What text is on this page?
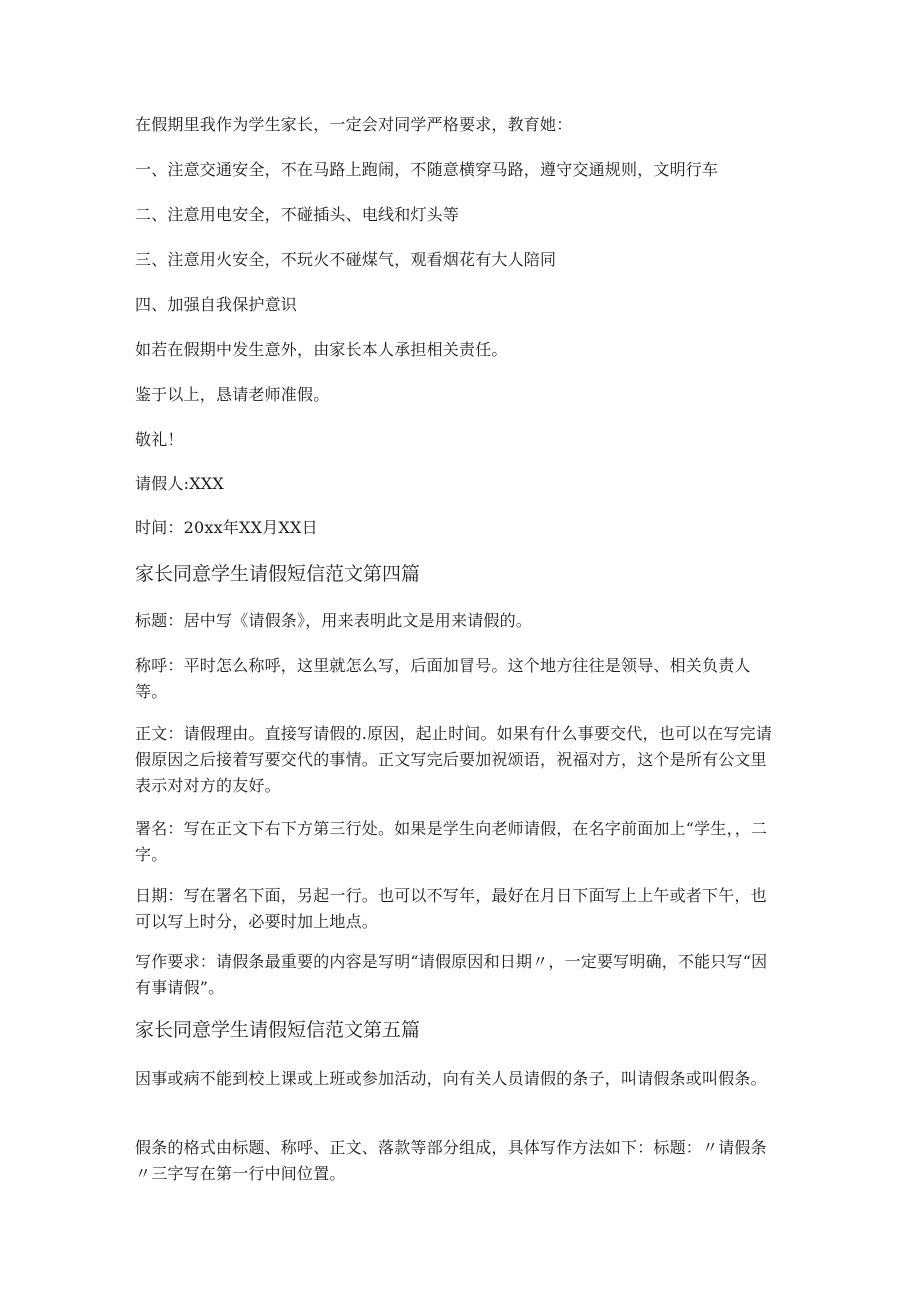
在假期里我作为学生家长，一定会对同学严格要求，教育她：

一、注意交通安全，不在马路上跑闹，不随意横穿马路，遵守交通规则，文明行车

二、注意用电安全，不碰插头、电线和灯头等

三、注意用火安全，不玩火不碰煤气，观看烟花有大人陪同

四、加强自我保护意识

如若在假期中发生意外，由家长本人承担相关责任。

鉴于以上，恳请老师准假。

敬礼！

请假人:XXX

时间：20xx年XX月XX日

家长同意学生请假短信范文第四篇

标题：居中写《请假条》，用来表明此文是用来请假的。

称呼：平时怎么称呼，这里就怎么写，后面加冒号。这个地方往往是领导、相关负责人等。

正文：请假理由。直接写请假的.原因，起止时间。如果有什么事要交代，也可以在写完请假原因之后接着写要交代的事情。正文写完后要加祝颂语，祝福对方，这个是所有公文里表示对对方的友好。

署名：写在正文下右下方第三行处。如果是学生向老师请假，在名字前面加上“学生，，二字。

日期：写在署名下面，另起一行。也可以不写年，最好在月日下面写上上午或者下午，也可以写上时分，必要时加上地点。

写作要求：请假条最重要的内容是写明“请假原因和日期〃，一定要写明确，不能只写“因有事请假”。

家长同意学生请假短信范文第五篇

因事或病不能到校上课或上班或参加活动，向有关人员请假的条子，叫请假条或叫假条。

假条的格式由标题、称呼、正文、落款等部分组成，具体写作方法如下：标题：〃请假条〃三字写在第一行中间位置。
